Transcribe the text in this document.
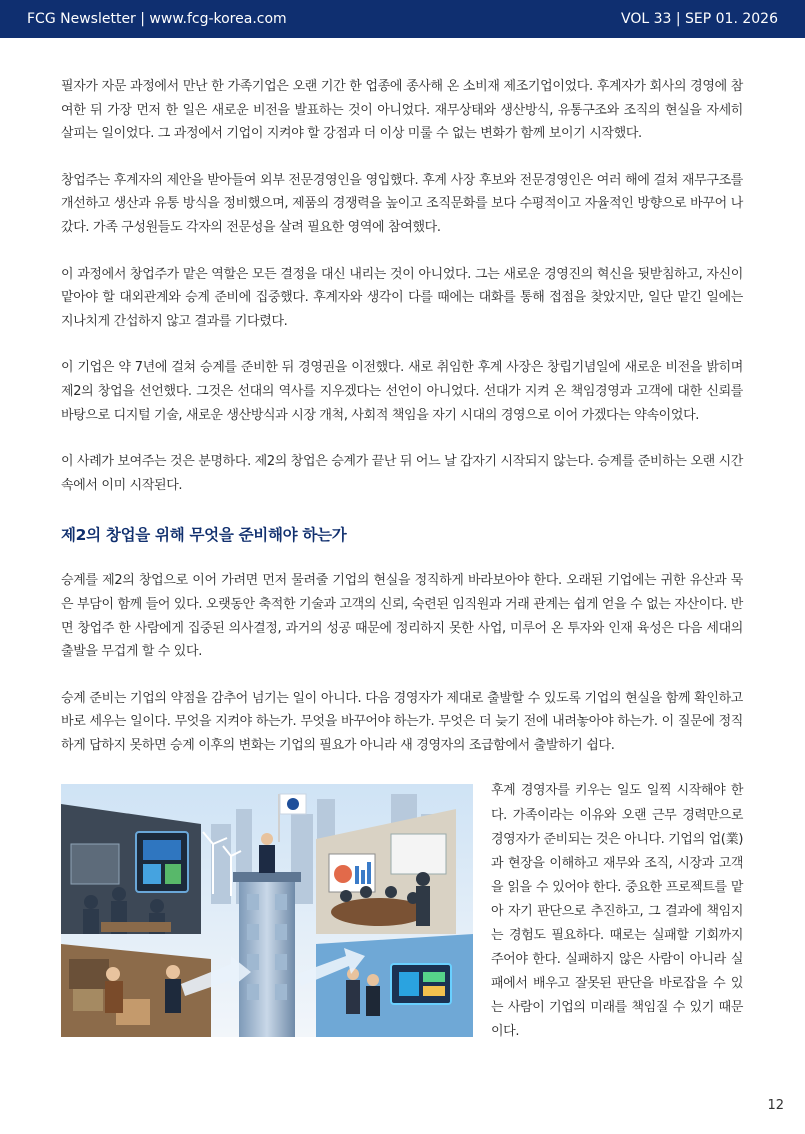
FCG Newsletter | www.fcg-korea.com	VOL 33 | SEP 01. 2026

필자가 자문 과정에서 만난 한 가족기업은 오랜 기간 한 업종에 종사해 온 소비재 제조기업이었다. 후계자가 회사의 경영에 참여한 뒤 가장 먼저 한 일은 새로운 비전을 발표하는 것이 아니었다. 재무상태와 생산방식, 유통구조와 조직의 현실을 자세히 살피는 일이었다. 그 과정에서 기업이 지켜야 할 강점과 더 이상 미룰 수 없는 변화가 함께 보이기 시작했다.

창업주는 후계자의 제안을 받아들여 외부 전문경영인을 영입했다. 후계 사장 후보와 전문경영인은 여러 해에 걸쳐 재무구조를 개선하고 생산과 유통 방식을 정비했으며, 제품의 경쟁력을 높이고 조직문화를 보다 수평적이고 자율적인 방향으로 바꾸어 나갔다. 가족 구성원들도 각자의 전문성을 살려 필요한 영역에 참여했다.

이 과정에서 창업주가 맡은 역할은 모든 결정을 대신 내리는 것이 아니었다. 그는 새로운 경영진의 혁신을 뒷받침하고, 자신이 맡아야 할 대외관계와 승계 준비에 집중했다. 후계자와 생각이 다를 때에는 대화를 통해 접점을 찾았지만, 일단 맡긴 일에는 지나치게 간섭하지 않고 결과를 기다렸다.

이 기업은 약 7년에 걸쳐 승계를 준비한 뒤 경영권을 이전했다. 새로 취임한 후계 사장은 창립기념일에 새로운 비전을 밝히며 제2의 창업을 선언했다. 그것은 선대의 역사를 지우겠다는 선언이 아니었다. 선대가 지켜 온 책임경영과 고객에 대한 신뢰를 바탕으로 디지털 기술, 새로운 생산방식과 시장 개척, 사회적 책임을 자기 시대의 경영으로 이어 가겠다는 약속이었다.

이 사례가 보여주는 것은 분명하다. 제2의 창업은 승계가 끝난 뒤 어느 날 갑자기 시작되지 않는다. 승계를 준비하는 오랜 시간 속에서 이미 시작된다.

제2의 창업을 위해 무엇을 준비해야 하는가

승계를 제2의 창업으로 이어 가려면 먼저 물려줄 기업의 현실을 정직하게 바라보아야 한다. 오래된 기업에는 귀한 유산과 묵은 부담이 함께 들어 있다. 오랫동안 축적한 기술과 고객의 신뢰, 숙련된 임직원과 거래 관계는 쉽게 얻을 수 없는 자산이다. 반면 창업주 한 사람에게 집중된 의사결정, 과거의 성공 때문에 정리하지 못한 사업, 미루어 온 투자와 인재 육성은 다음 세대의 출발을 무겁게 할 수 있다.

승계 준비는 기업의 약점을 감추어 넘기는 일이 아니다. 다음 경영자가 제대로 출발할 수 있도록 기업의 현실을 함께 확인하고 바로 세우는 일이다. 무엇을 지켜야 하는가. 무엇을 바꾸어야 하는가. 무엇은 더 늦기 전에 내려놓아야 하는가. 이 질문에 정직하게 답하지 못하면 승계 이후의 변화는 기업의 필요가 아니라 새 경영자의 조급함에서 출발하기 쉽다.

후계 경영자를 키우는 일도 일찍 시작해야 한다. 가족이라는 이유와 오랜 근무 경력만으로 경영자가 준비되는 것은 아니다. 기업의 업(業)과 현장을 이해하고 재무와 조직, 시장과 고객을 읽을 수 있어야 한다. 중요한 프로젝트를 맡아 자기 판단으로 추진하고, 그 결과에 책임지는 경험도 필요하다. 때로는 실패할 기회까지 주어야 한다. 실패하지 않은 사람이 아니라 실패에서 배우고 잘못된 판단을 바로잡을 수 있는 사람이 기업의 미래를 책임질 수 있기 때문이다.

12
